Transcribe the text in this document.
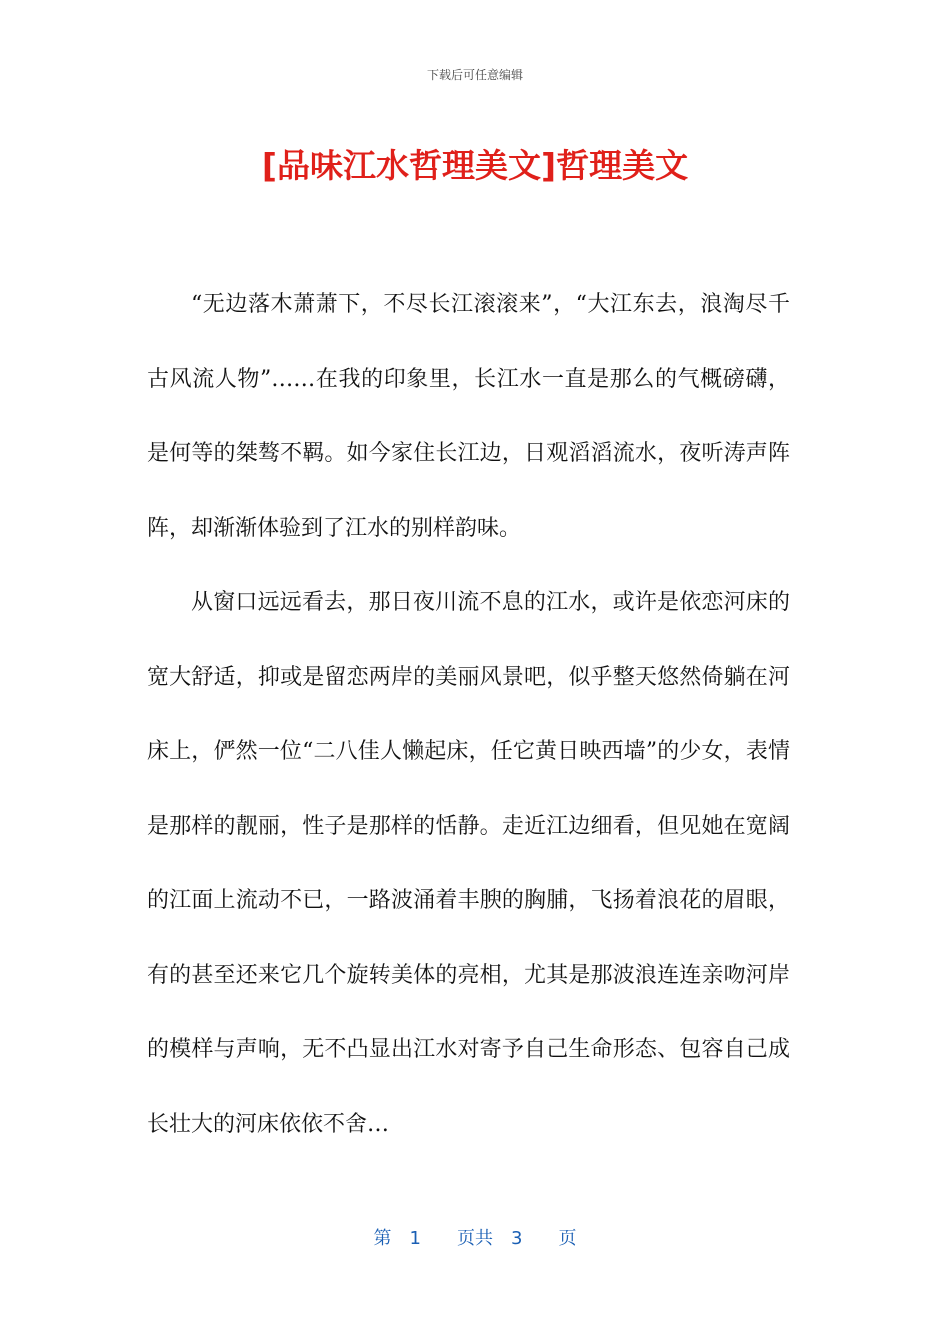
下载后可任意编辑
[品味江水哲理美文]哲理美文

“无边落木萧萧下，不尽长江滚滚来”，“大江东去，浪淘尽千古风流人物”……在我的印象里，长江水一直是那么的气概磅礴，是何等的桀骜不羁。如今家住长江边，日观滔滔流水，夜听涛声阵阵，却渐渐体验到了江水的别样韵味。

从窗口远远看去，那日夜川流不息的江水，或许是依恋河床的宽大舒适，抑或是留恋两岸的美丽风景吧，似乎整天悠然倚躺在河床上，俨然一位“二八佳人懒起床，任它黄日映西墙”的少女，表情是那样的靓丽，性子是那样的恬静。走近江边细看，但见她在宽阔的江面上流动不已，一路波涌着丰腴的胸脯，飞扬着浪花的眉眼，有的甚至还来它几个旋转美体的亮相，尤其是那波浪连连亲吻河岸的模样与声响，无不凸显出江水对寄予自己生命形态、包容自己成长壮大的河床依依不舍…

第 1 页共 3 页
